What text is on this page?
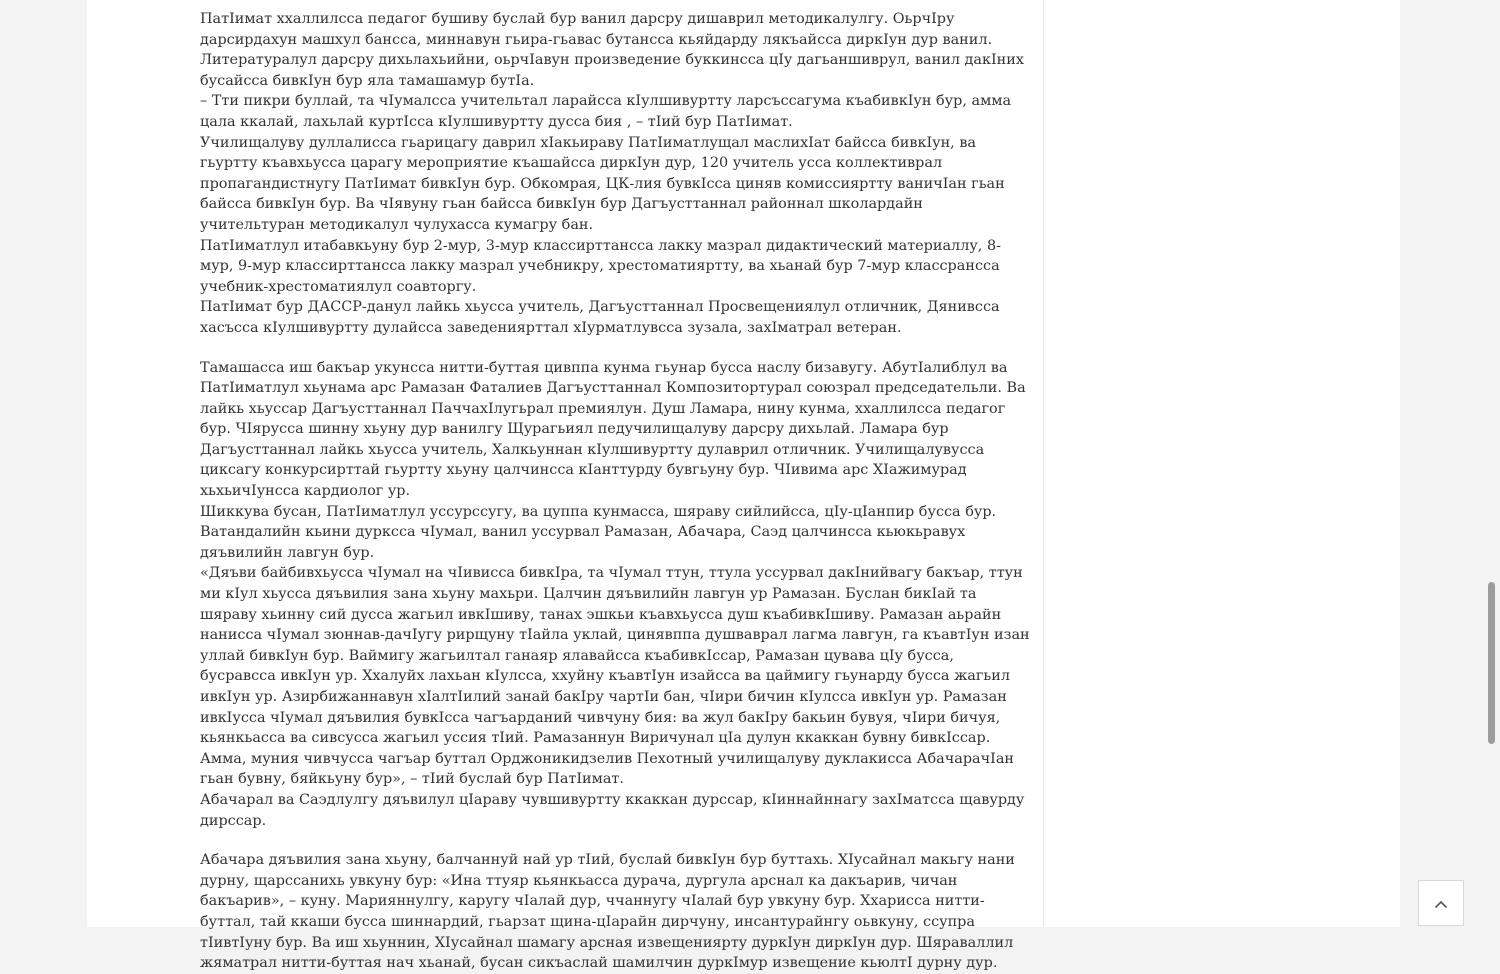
ПатIимат ххаллилсса педагог бушиву буслай бур ванил дарсру дишаврил методикалулгу. ОьрчIру дарсирдахун машхул бансса, миннавун гьира-гьавас бутансса кьяйдарду лякъайсса диркIун дур ванил. Литературалул дарсру дихьлахьийни, оьрчIавун произведение буккинсса цIу дагьаншиврул, ванил дакIних бусайсса бивкIун бур яла тамашамур бутIа.

– Тти пикри буллай, та чIумалсса учительтал ларайсса кIулшивуртту ларсъссагума къабивкIун бур, амма цала ккалай, лахьлай куртIсса кIулшивуртту дусса бия , – тIий бур ПатIимат.

Училищалуву дуллалисса гьарицагу даврил хIакьираву ПатIиматлущал маслихIат байсса бивкIун, ва гьуртту къавхьусса царагу мероприятие къашайсса диркIун дур, 120 учитель усса коллективрал пропагандистнугу ПатIимат бивкIун бур. Обкомрая, ЦК-лия бувкIсса циняв комиссияртту ваничIан гьан байсса бивкIун бур. Ва чIявуну гьан байсса бивкIун бур Дагъусттаннал районнал школардайн учительтуран методикалул чулухасса кумагру бан.

ПатIиматлул итабавкьуну бур 2-мур, 3-мур классирттансса лакку мазрал дидактический материаллу, 8-мур, 9-мур классирттансса лакку мазрал учебникру, хрестоматияртту, ва хьанай бур 7-мур классрансса учебник-хрестоматиялул соавторгу.

ПатIимат бур ДАССР-данул лайкь хьусса учитель, Дагъусттаннал Просвещениялул отличник, Дянивсса хасъсса кIулшивуртту дулайсса заведениярттал хIурматлувсса зузала, захIматрал ветеран.

Тамашасса иш бакъар укунсса нитти-буттая цивппа кунма гьунар бусса наслу бизавугу. АбутIалиблул ва ПатIиматлул хьунама арс Рамазан Фаталиев Дагъусттаннал Композитортурал союзрал председательли. Ва лайкь хьуссар Дагъусттаннал ПаччахIлугьрал премиялун. Душ Ламара, нину кунма, ххаллилсса педагог бур. ЧIяруссa шинну хьуну дур ванилгу Щурагьиял педучилищалуву дарсру дихьлай. Ламара бур Дагъусттаннал лайкь хьусса учитель, Халкьуннан кIулшивуртту дулаврил отличник. Училищалувусса циксагу конкурсирттай гьуртту хьуну цалчинсса кIанттурду бувгьуну бур. ЧIивима арс ХIажимурад хьхьичIунсса кардиолог ур.

Шиккува бусан, ПатIиматлул уссурссугу, ва цуппа кунмасса, шяраву сийлийсса, цIу-цIанпир бусса бур. Ватандалийн кьини дурксса чIумал, ванил уссурвал Рамазан, Абачара, Саэд цалчинсса кьюкьравух дяъвилийн лавгун бур.

«Дяъви байбивхьусса чIумал на чIивисса бивкIра, та чIумал ттун, ттула уссурвал дакIнийвагу бакъар, ттун ми кIул хьусса дяъвилия зана хьуну махьри. Цалчин дяъвилийн лавгун ур Рамазан. Буслан бикIай та шяраву хьинну сий дусса жагьил ивкIшиву, танах эшкьи къавхьусса душ къабивкIшиву. Рамазан аьрайн нанисса чIумал зюннав-дачIугу рирщуну тIайла уклай, цинявппа душваврал лагма лавгун, га къавтIун изан уллай бивкIун бур. Ваймигу жагьилтал ганаяр ялавайсса къабивкIссар, Рамазан цувава цIу бусса, бусравсса ивкIун ур. Ххалуйх лахьан кIулсса, ххуйну къавтIун изайсса ва цаймигу гьунарду бусса жагьил ивкIун ур. Азирбижаннавун хIалтIилий занай бакIру чартIи бан, чIири бичин кIулсса ивкIун ур. Рамазан ивкIусса чIумал дяъвилия бувкIсса чагъарданий чивчуну бия: ва жул бакIру бакьин бувуя, чIири бичуя, кьянкьасса ва сивсусса жагьил уссия тIий. Рамазаннун Виричунал цIа дулун ккаккан бувну бивкIссар. Амма, муния чивчусса чагъар буттал Орджоникидзелив Пехотный училищалуву дуклакисса АбачарачIан гьан бувну, бяйкьуну бур», – тIий буслай бур ПатIимат.

Абачарал ва Саэдлулгу дяъвилул цIараву чувшивуртту ккаккан дурссар, кIиннайннагу захIматсса щавурду дирссар.

Абачара дяъвилия зана хьуну, балчаннуй най ур тIий, буслай бивкIун бур буттахь. ХIусайнал макьгу нани дурну, щарссанихь увкуну бур: «Ина ттуяр кьянкьасса дурача, дургула арснал ка дакъарив, чичан бакъарив», – куну. Марияннулгу, каругу чIалай дур, ччаннугу чIалай бур увкуну бур. Ххарисса нитти-буттал, тай ккаши бусса шиннардий, гьарзат щина-цIарайн дирчуну, инсантурайнгу оьвкуну, ссупра тIивтIуну бур. Ва иш хьуннин, ХIусайнал шамагу арсная извещениярту дуркIун диркIун дур. Шяраваллил жяматрал нитти-буттая нач хьанай, бусан сикъаслай шамилчин дуркIмур извещение кьюлтI дурну дур.
